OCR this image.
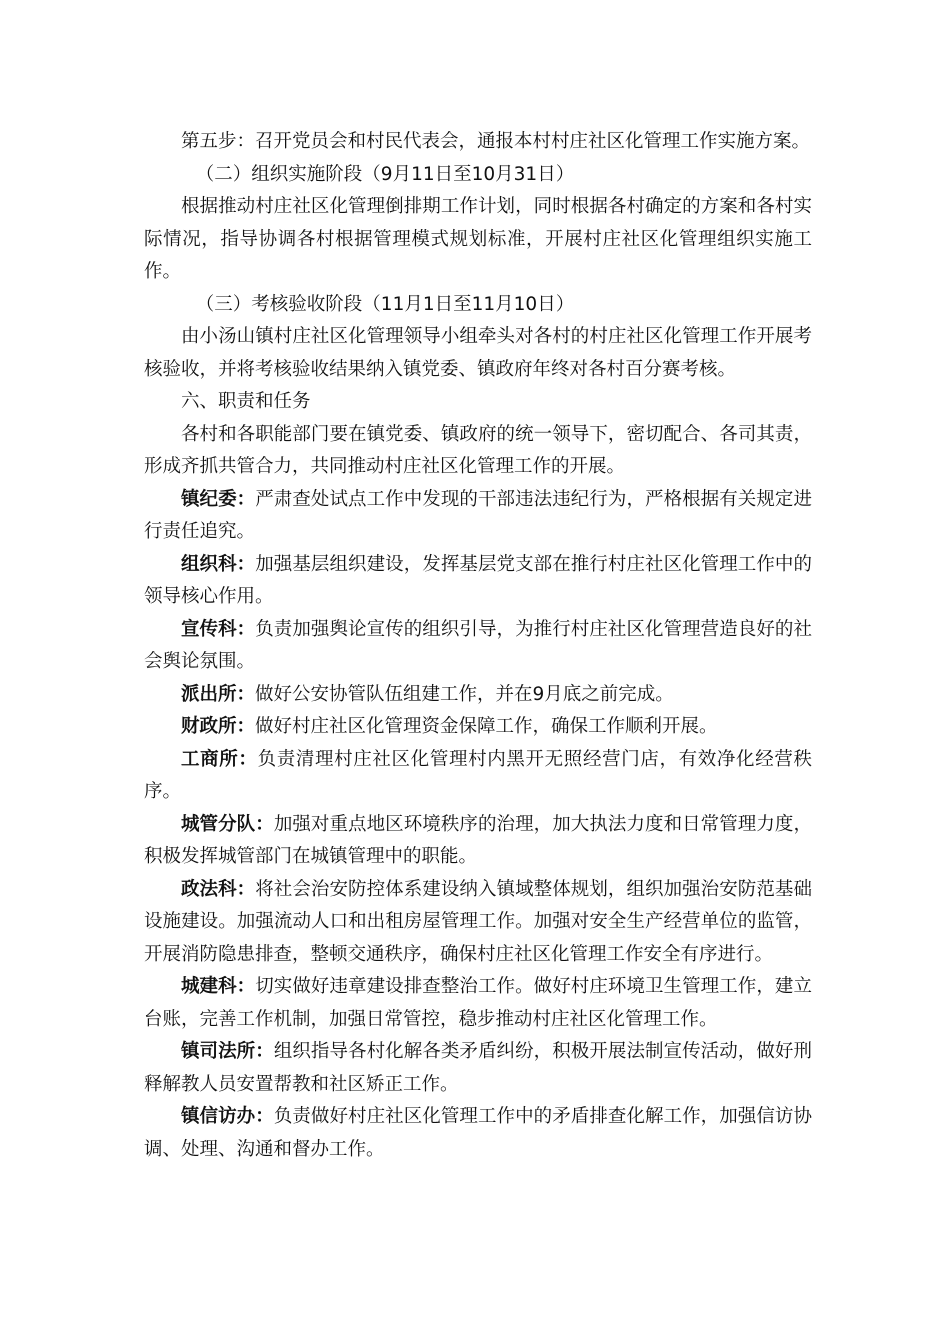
第五步：召开党员会和村民代表会，通报本村村庄社区化管理工作实施方案。

（二）组织实施阶段（9月11日至10月31日）

根据推动村庄社区化管理倒排期工作计划，同时根据各村确定的方案和各村实际情况，指导协调各村根据管理模式规划标准，开展村庄社区化管理组织实施工作。

（三）考核验收阶段（11月1日至11月10日）

由小汤山镇村庄社区化管理领导小组牵头对各村的村庄社区化管理工作开展考核验收，并将考核验收结果纳入镇党委、镇政府年终对各村百分赛考核。

六、职责和任务

各村和各职能部门要在镇党委、镇政府的统一领导下，密切配合、各司其责，形成齐抓共管合力，共同推动村庄社区化管理工作的开展。

镇纪委：严肃查处试点工作中发现的干部违法违纪行为，严格根据有关规定进行责任追究。

组织科：加强基层组织建设，发挥基层党支部在推行村庄社区化管理工作中的领导核心作用。

宣传科：负责加强舆论宣传的组织引导，为推行村庄社区化管理营造良好的社会舆论氛围。

派出所：做好公安协管队伍组建工作，并在9月底之前完成。

财政所：做好村庄社区化管理资金保障工作，确保工作顺利开展。

工商所：负责清理村庄社区化管理村内黑开无照经营门店，有效净化经营秩序。

城管分队：加强对重点地区环境秩序的治理，加大执法力度和日常管理力度，积极发挥城管部门在城镇管理中的职能。

政法科：将社会治安防控体系建设纳入镇域整体规划，组织加强治安防范基础设施建设。加强流动人口和出租房屋管理工作。加强对安全生产经营单位的监管，开展消防隐患排查，整顿交通秩序，确保村庄社区化管理工作安全有序进行。

城建科：切实做好违章建设排查整治工作。做好村庄环境卫生管理工作，建立台账，完善工作机制，加强日常管控，稳步推动村庄社区化管理工作。

镇司法所：组织指导各村化解各类矛盾纠纷，积极开展法制宣传活动，做好刑释解教人员安置帮教和社区矫正工作。

镇信访办：负责做好村庄社区化管理工作中的矛盾排查化解工作，加强信访协调、处理、沟通和督办工作。
